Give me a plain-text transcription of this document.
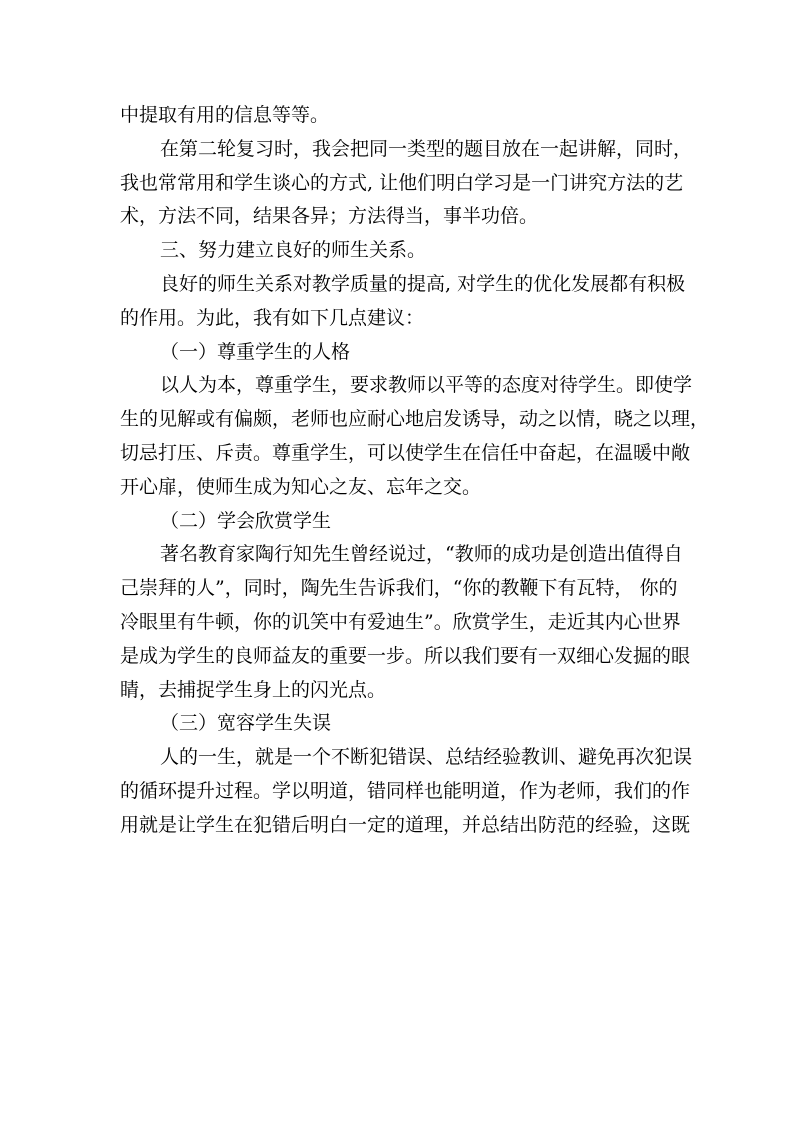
中提取有用的信息等等。
在第二轮复习时，我会把同一类型的题目放在一起讲解，同时，
我也常常用和学生谈心的方式, 让他们明白学习是一门讲究方法的艺
术，方法不同，结果各异；方法得当，事半功倍。
三、努力建立良好的师生关系。
良好的师生关系对教学质量的提高, 对学生的优化发展都有积极
的作用。为此，我有如下几点建议：
（一）尊重学生的人格
以人为本，尊重学生，要求教师以平等的态度对待学生。即使学
生的见解或有偏颇，老师也应耐心地启发诱导，动之以情，晓之以理，
切忌打压、斥责。尊重学生，可以使学生在信任中奋起，在温暖中敞
开心扉，使师生成为知心之友、忘年之交。
（二）学会欣赏学生
著名教育家陶行知先生曾经说过，“教师的成功是创造出值得自
己崇拜的人”，同时，陶先生告诉我们，“你的教鞭下有瓦特， 你的
冷眼里有牛顿，你的讥笑中有爱迪生”。欣赏学生，走近其内心世界
是成为学生的良师益友的重要一步。所以我们要有一双细心发掘的眼
睛，去捕捉学生身上的闪光点。
（三）宽容学生失误
人的一生，就是一个不断犯错误、总结经验教训、避免再次犯误
的循环提升过程。学以明道，错同样也能明道，作为老师，我们的作
用就是让学生在犯错后明白一定的道理，并总结出防范的经验，这既
